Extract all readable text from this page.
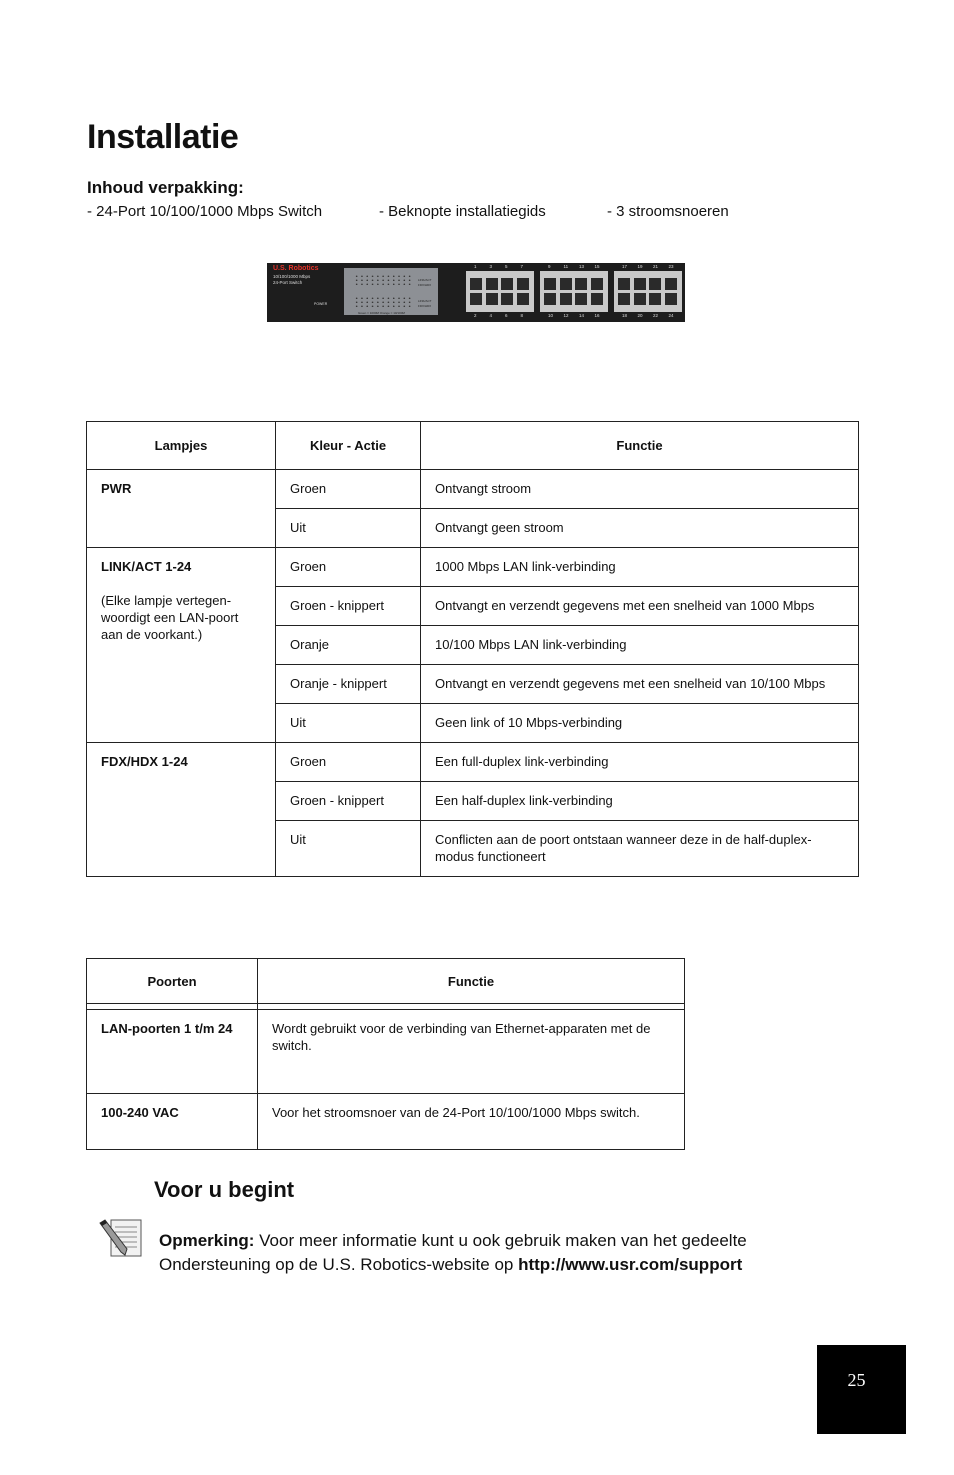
Installatie
Inhoud verpakking:
- 24-Port 10/100/1000 Mbps Switch	- Beknopte installatiegids	- 3 stroomsnoeren
U.S. Robotics
10/100/1000 Mbps
24-Port Switch
POWER
LINK/ACT
FDX/HDX
LINK/ACT
FDX/HDX
Green = 1000M Orange = 10/100M
1
2
3
4
5
6
7
8
9
10
11
12
13
14
15
16
17
18
19
20
21
22
23
24
Lampjes	Kleur - Actie	Functie

PWR	Groen	Ontvangt stroom
	Uit	Ontvangt geen stroom

LINK/ACT 1-24
(Elke lampje vertegen-woordigt een LAN-poort aan de voorkant.)	Groen	1000 Mbps LAN link-verbinding
	Groen - knippert	Ontvangt en verzendt gegevens met een snelheid van 1000 Mbps
	Oranje	10/100 Mbps LAN link-verbinding
	Oranje - knippert	Ontvangt en verzendt gegevens met een snelheid van 10/100 Mbps
	Uit	Geen link of 10 Mbps-verbinding

FDX/HDX 1-24	Groen	Een full-duplex link-verbinding
	Groen - knippert	Een half-duplex link-verbinding
	Uit	Conflicten aan de poort ontstaan wanneer deze in de half-duplex-modus functioneert
Poorten	Functie

LAN-poorten 1 t/m 24	Wordt gebruikt voor de verbinding van Ethernet-apparaten met de switch.
100-240 VAC	Voor het stroomsnoer van de 24-Port 10/100/1000 Mbps switch.
Voor u begint
Opmerking: Voor meer informatie kunt u ook gebruik maken van het gedeelte Ondersteuning op de U.S. Robotics-website op http://www.usr.com/support
25
